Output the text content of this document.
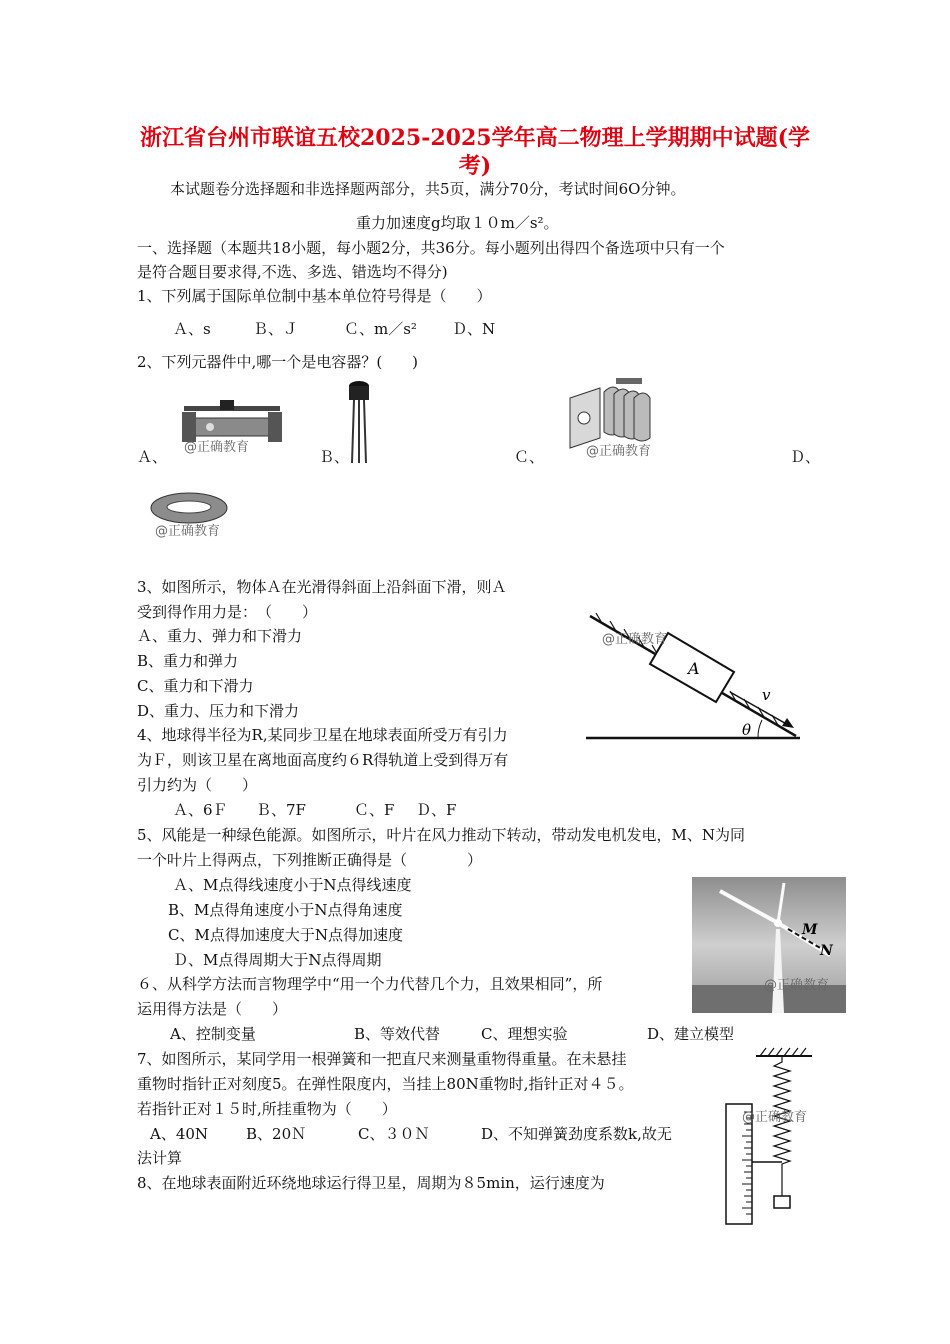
浙江省台州市联谊五校2025-2025学年高二物理上学期期中试题(学考)
本试题卷分选择题和非选择题两部分，共5页，满分70分，考试时间6O分钟。
重力加速度g均取１０m／s²。
一、选择题（本题共18小题，每小题2分，共36分。每小题列出得四个备选项中只有一个
是符合题目要求得,不选、多选、错选均不得分)
1、下列属于国际单位制中基本单位符号得是（　　）
Ａ、s	Ｂ、Ｊ	Ｃ、m／s² Ｄ、N
2、下列元器件中,哪一个是电容器？(　　)
@正确教育	@正确教育
Ａ、	Ｂ、	Ｃ、	Ｄ、
@正确教育
3、如图所示，物体Ａ在光滑得斜面上沿斜面下滑，则Ａ
受到得作用力是：　（　　）
Ａ、重力、弹力和下滑力
B、重力和弹力
C、重力和下滑力
D、重力、压力和下滑力
A
v
θ
@正确教育
4、地球得半径为R,某同步卫星在地球表面所受万有引力
为Ｆ，则该卫星在离地面高度约６R得轨道上受到得万有
引力约为（　　）
Ａ、6Ｆ Ｂ、7F	Ｃ、F Ｄ、F
5、风能是一种绿色能源。如图所示，叶片在风力推动下转动，带动发电机发电，M、N为同
一个叶片上得两点，下列推断正确得是（　　　　）
Ａ、M点得线速度小于N点得线速度
B、M点得角速度小于N点得角速度
C、M点得加速度大于N点得加速度
Ｄ、M点得周期大于N点得周期
M
N
@正确教育
６、从科学方法而言物理学中“用一个力代替几个力，且效果相同”，所
运用得方法是（　　）
A、控制变量	B、等效代替	C、理想实验	D、建立模型
7、如图所示，某同学用一根弹簧和一把直尺来测量重物得重量。在未悬挂
重物时指针正对刻度5。在弹性限度内，当挂上80N重物时,指针正对４５。
若指针正对１５时,所挂重物为（　　）
A、40N	B、20Ｎ	C、３０Ｎ	D、不知弹簧劲度系数k,故无
法计算
@正确教育
8、在地球表面附近环绕地球运行得卫星，周期为８5min，运行速度为
